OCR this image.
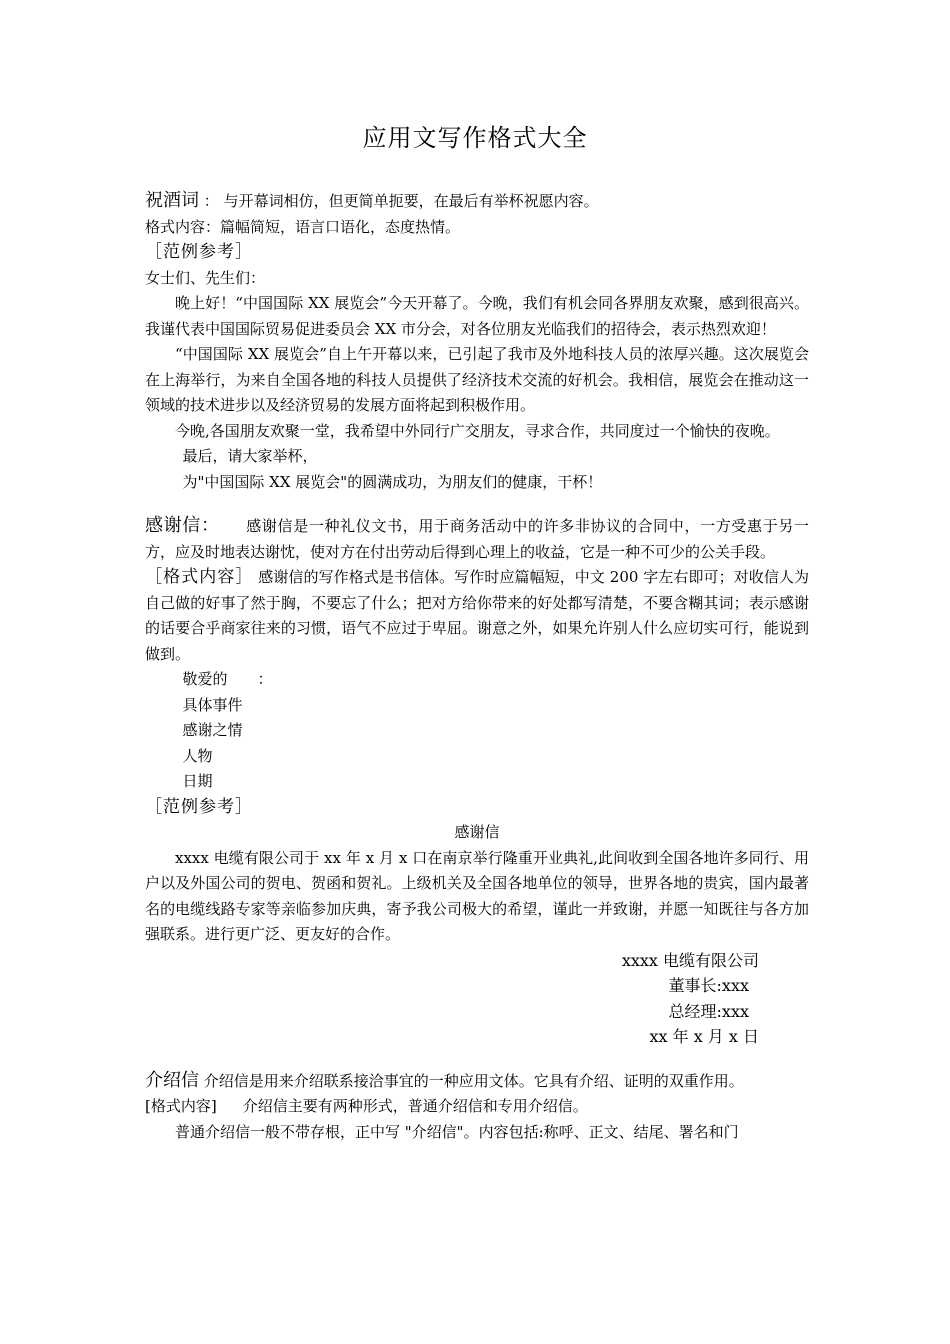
应用文写作格式大全

祝酒词 ： 与开幕词相仿，但更简单扼要，在最后有举杯祝愿内容。

格式内容：篇幅简短，语言口语化，态度热情。

［范例参考］

女士们、先生们：

晚上好！“中国国际 XX 展览会”今天开幕了。今晚，我们有机会同各界朋友欢聚，感到很高兴。我谨代表中国国际贸易促进委员会 XX 市分会，对各位朋友光临我们的招待会，表示热烈欢迎！

“中国国际 XX 展览会”自上午开幕以来，已引起了我市及外地科技人员的浓厚兴趣。这次展览会在上海举行，为来自全国各地的科技人员提供了经济技术交流的好机会。我相信，展览会在推动这一领域的技术进步以及经济贸易的发展方面将起到积极作用。

今晚,各国朋友欢聚一堂，我希望中外同行广交朋友，寻求合作，共同度过一个愉快的夜晚。

最后，请大家举杯，

为"中国国际 XX 展览会"的圆满成功，为朋友们的健康，干杯！

感谢信： 感谢信是一种礼仪文书，用于商务活动中的许多非协议的合同中，一方受惠于另一方，应及时地表达谢忱，使对方在付出劳动后得到心理上的收益，它是一种不可少的公关手段。

［格式内容］ 感谢信的写作格式是书信体。写作时应篇幅短，中文 200 字左右即可；对收信人为自己做的好事了然于胸，不要忘了什么；把对方给你带来的好处都写清楚，不要含糊其词；表示感谢的话要合乎商家往来的习惯，语气不应过于卑屈。谢意之外，如果允许别人什么应切实可行，能说到做到。

敬爱的　　：

具体事件

感谢之情

人物

日期

［范例参考］

感谢信

xxxx 电缆有限公司于 xx 年 x 月 x 口在南京举行隆重开业典礼,此间收到全国各地许多同行、用户以及外国公司的贺电、贺函和贺礼。上级机关及全国各地单位的领导，世界各地的贵宾，国内最著名的电缆线路专家等亲临参加庆典，寄予我公司极大的希望，谨此一并致谢，并愿一知既往与各方加强联系。进行更广泛、更友好的合作。

xxxx 电缆有限公司

董事长:xxx

总经理:xxx

xx 年 x 月 x 日

介绍信 介绍信是用来介绍联系接洽事宜的一种应用文体。它具有介绍、证明的双重作用。

[格式内容] 介绍信主要有两种形式，普通介绍信和专用介绍信。

普通介绍信一般不带存根，正中写 "介绍信"。内容包括:称呼、正文、结尾、署名和门
